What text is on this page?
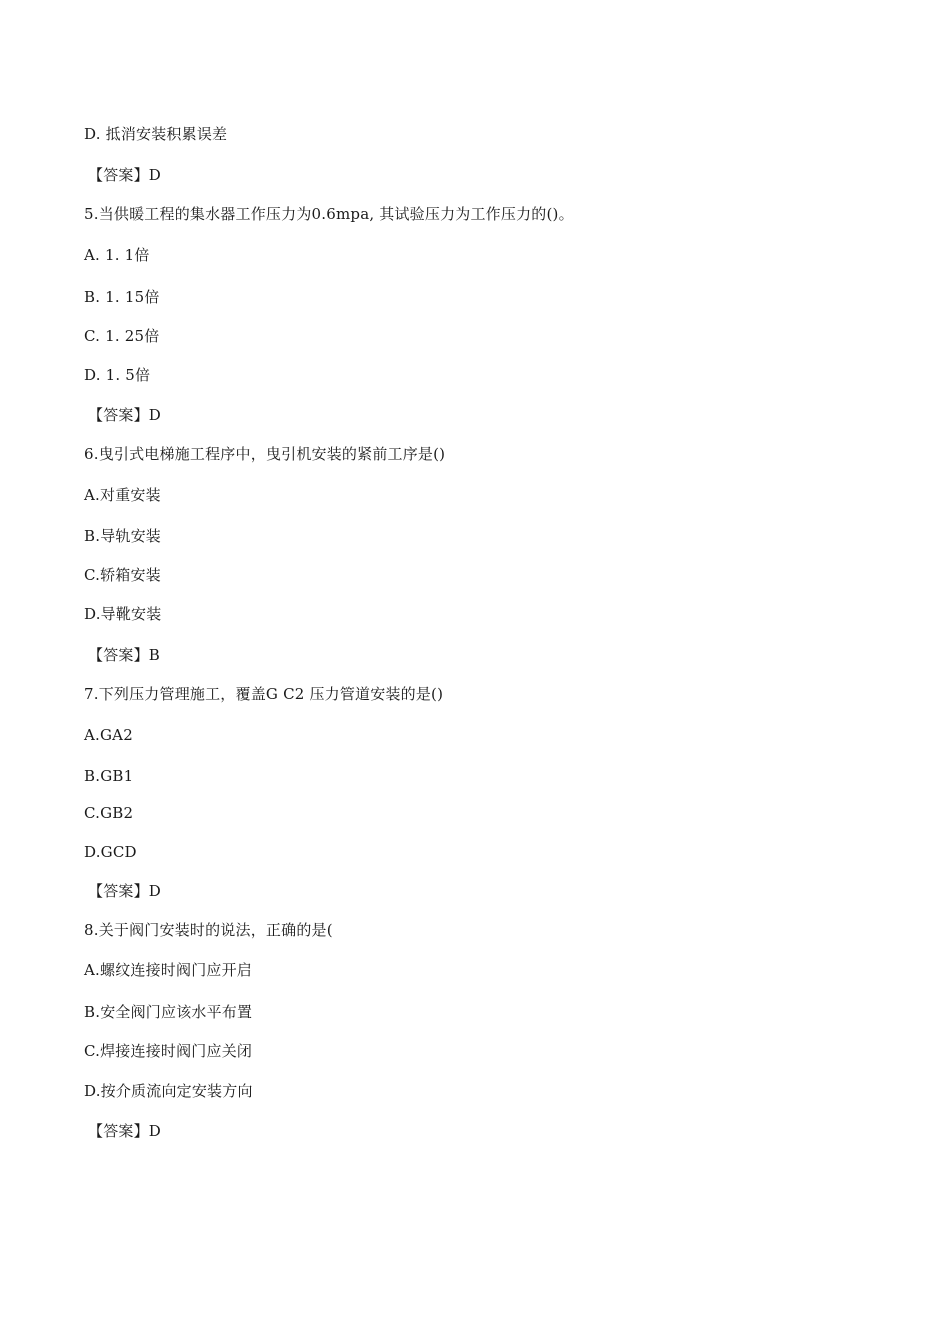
D. 抵消安装积累误差
【答案】D
5.当供暖工程的集水器工作压力为0.6mpa, 其试验压力为工作压力的()。
A. 1. 1倍
B. 1. 15倍
C. 1. 25倍
D. 1. 5倍
【答案】D
6.曳引式电梯施工程序中，曳引机安装的紧前工序是()
A.对重安装
B.导轨安装
C.轿箱安装
D.导靴安装
【答案】B
7.下列压力管理施工，覆盖G C2 压力管道安装的是()
A.GA2
B.GB1
C.GB2
D.GCD
【答案】D
8.关于阀门安装时的说法，正确的是(
A.螺纹连接时阀门应开启
B.安全阀门应该水平布置
C.焊接连接时阀门应关闭
D.按介质流向定安装方向
【答案】D
